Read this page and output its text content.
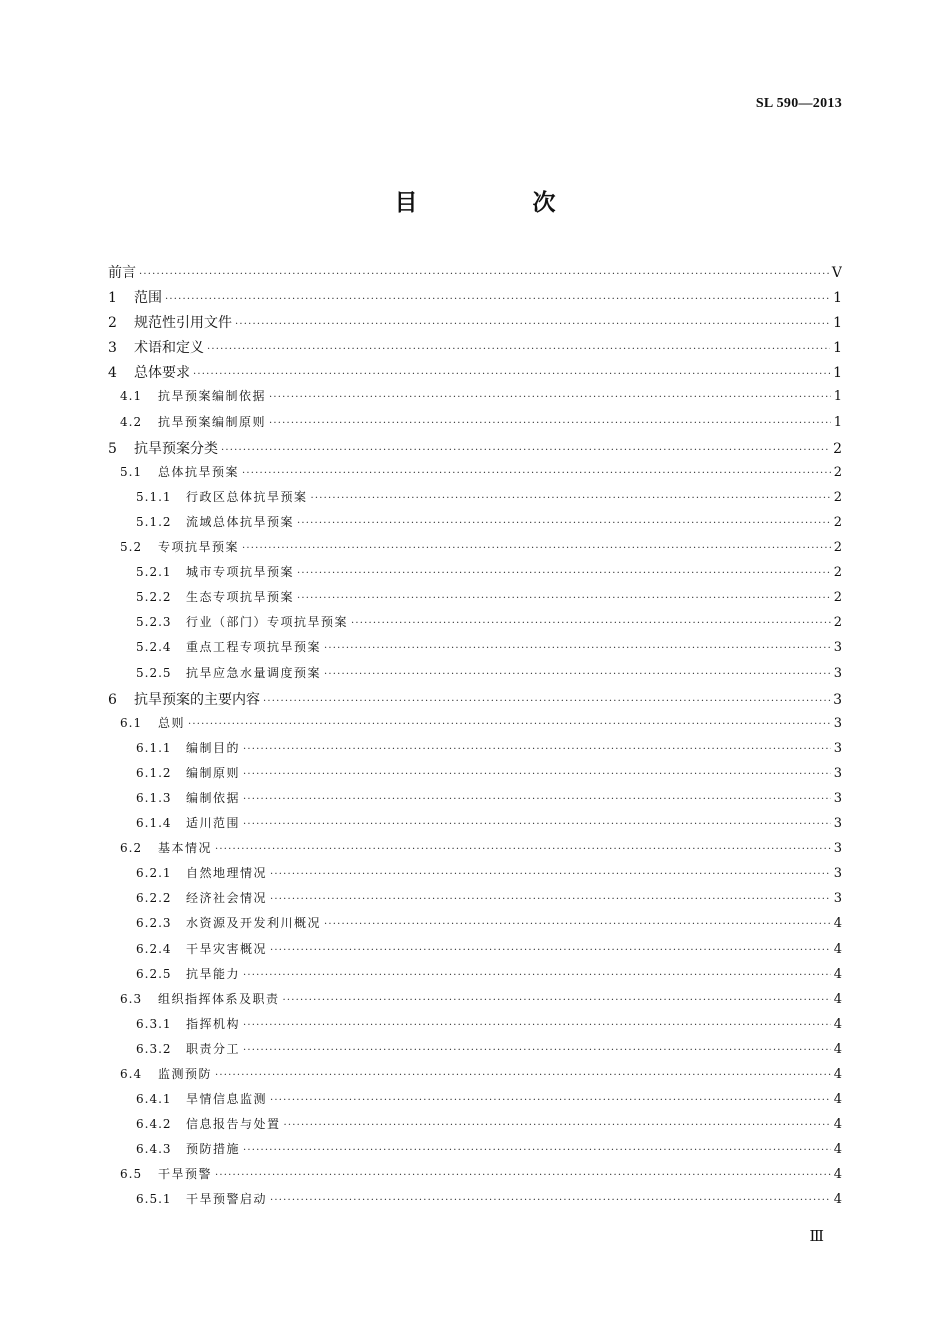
SL 590—2013
目　次
前言 ·····	Ⅴ
1	范围 ·····	1
2	规范性引用文件 ·····	1
3	术语和定义 ·····	1
4	总体要求 ·····	1
4.1	抗旱预案编制依据 ·····	1
4.2	抗旱预案编制原则 ·····	1
5	抗旱预案分类 ·····	2
5.1	总体抗旱预案 ·····	2
5.1.1	行政区总体抗旱预案 ·····	2
5.1.2	流域总体抗旱预案 ·····	2
5.2	专项抗旱预案 ·····	2
5.2.1	城市专项抗旱预案 ·····	2
5.2.2	生态专项抗旱预案 ·····	2
5.2.3	行业（部门）专项抗旱预案 ·····	2
5.2.4	重点工程专项抗旱预案 ·····	3
5.2.5	抗旱应急水量调度预案 ·····	3
6	抗旱预案的主要内容 ·····	3
6.1	总则 ·····	3
6.1.1	编制目的 ·····	3
6.1.2	编制原则 ·····	3
6.1.3	编制依据 ·····	3
6.1.4	适川范围 ·····	3
6.2	基本情况 ·····	3
6.2.1	自然地理情况 ·····	3
6.2.2	经济社会情况 ·····	3
6.2.3	水资源及开发利川概况 ·····	4
6.2.4	干旱灾害概况 ·····	4
6.2.5	抗旱能力 ·····	4
6.3	组织指挥体系及职责 ·····	4
6.3.1	指挥机构 ·····	4
6.3.2	职责分工 ·····	4
6.4	监测预防 ·····	4
6.4.1	旱情信息监测 ·····	4
6.4.2	信息报告与处置 ·····	4
6.4.3	预防措施 ·····	4
6.5	干旱预警 ·····	4
6.5.1	干旱预警启动 ·····	4
Ⅲ
